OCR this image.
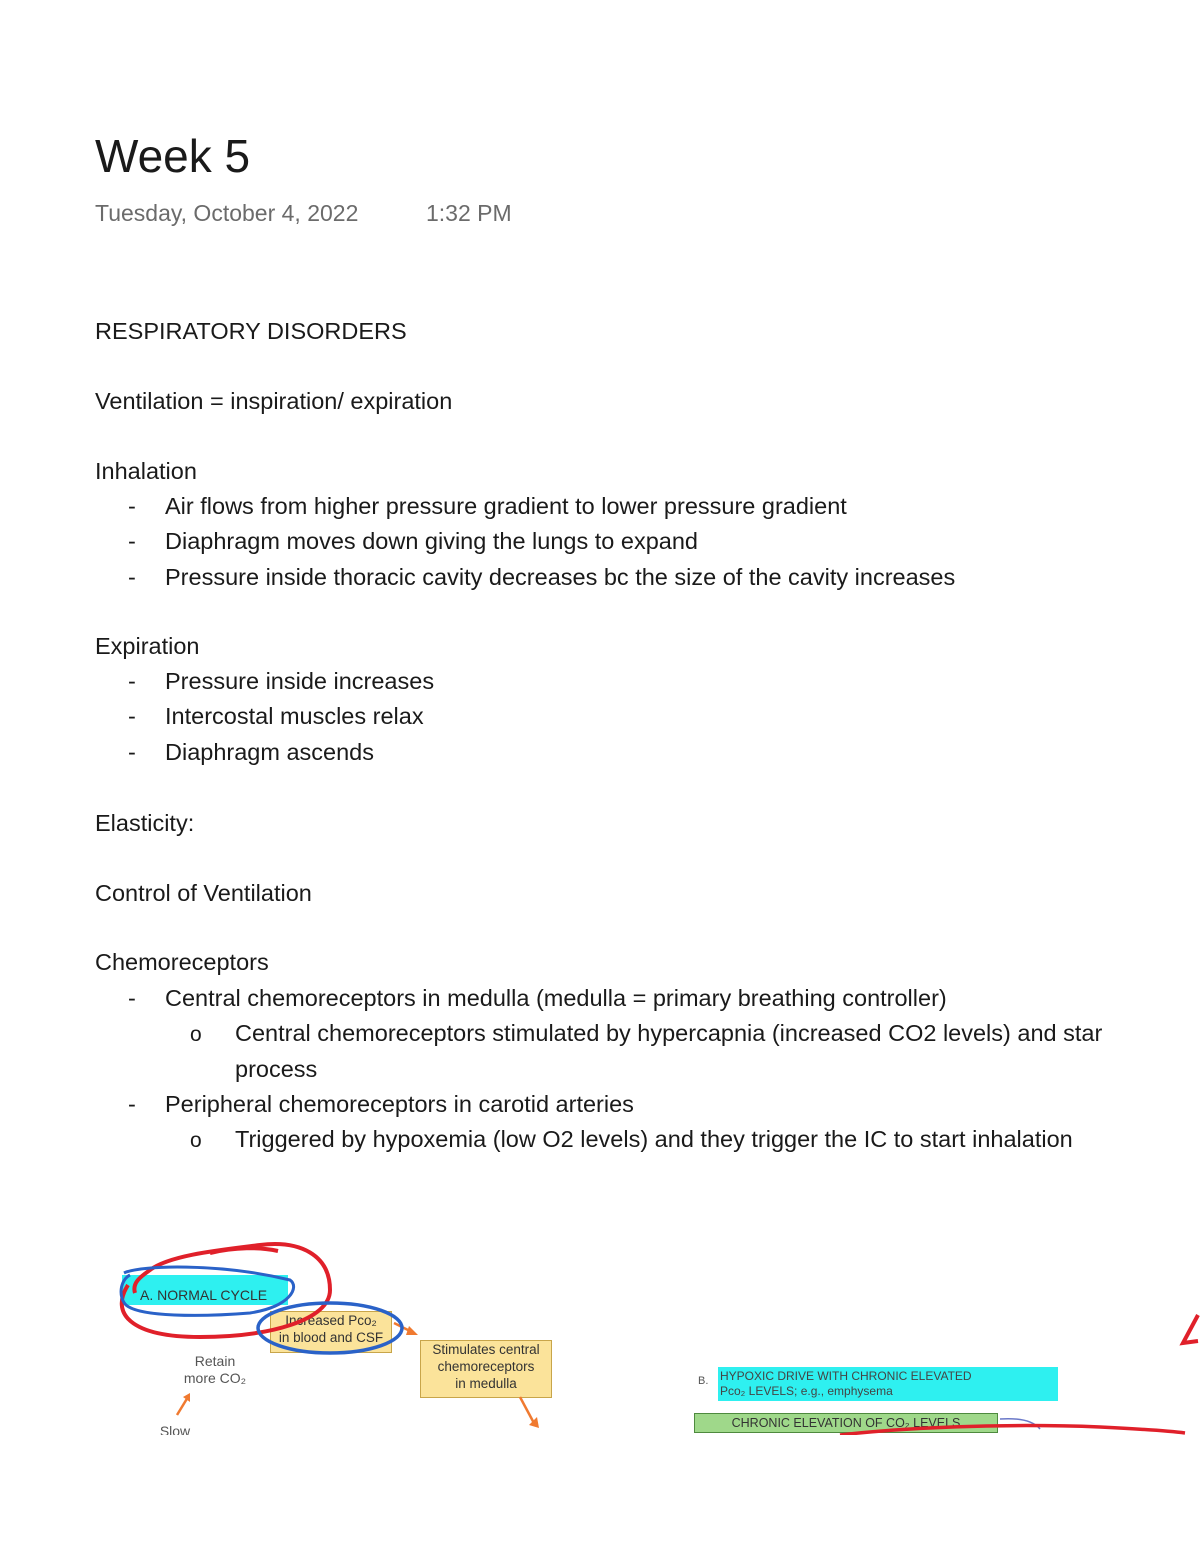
Week 5
Tuesday, October 4, 2022	1:32 PM
RESPIRATORY DISORDERS
Ventilation = inspiration/ expiration
Inhalation
- Air flows from higher pressure gradient to lower pressure gradient
- Diaphragm moves down giving the lungs to expand
- Pressure inside thoracic cavity decreases bc the size of the cavity increases
Expiration
- Pressure inside increases
- Intercostal muscles relax
- Diaphragm ascends
Elasticity:
Control of Ventilation
Chemoreceptors
- Central chemoreceptors in medulla (medulla = primary breathing controller)
o Central chemoreceptors stimulated by hypercapnia (increased CO2 levels) and star
process
- Peripheral chemoreceptors in carotid arteries
o Triggered by hypoxemia (low O2 levels) and they trigger the IC to start inhalation
A. NORMAL CYCLE
Increased Pco₂
in blood and CSF
Stimulates central
chemoreceptors
in medulla
Retain
more CO₂
Slow
B. HYPOXIC DRIVE WITH CHRONIC ELEVATED
Pco₂ LEVELS; e.g., emphysema
CHRONIC ELEVATION OF CO₂ LEVELS
